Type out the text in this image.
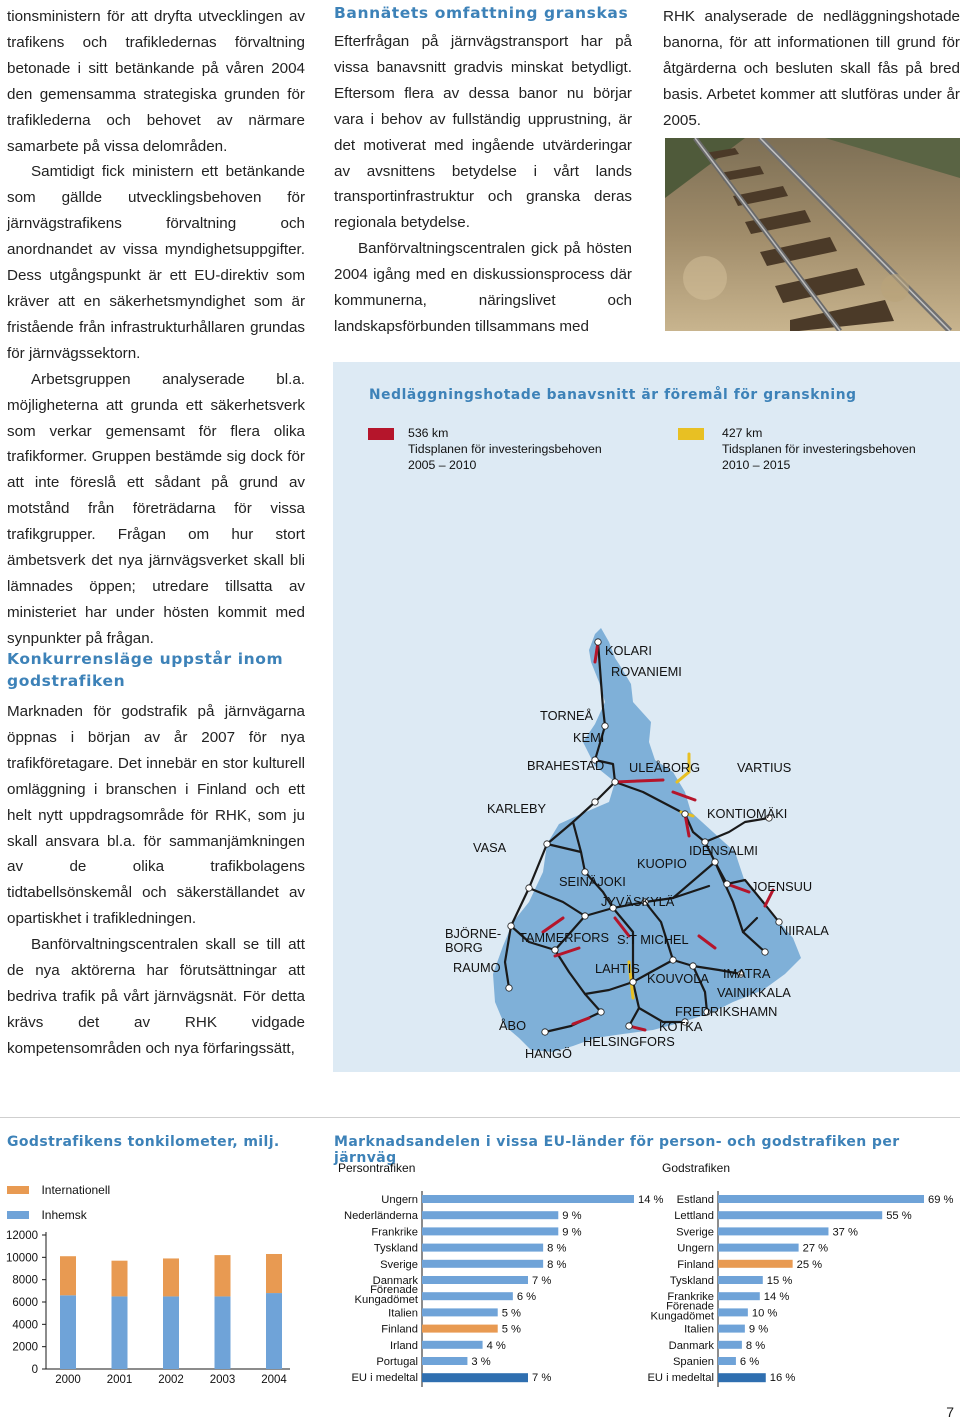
tionsministern för att dryfta utvecklingen av trafikens och trafikledernas förvaltning betonade i sitt betänkande på våren 2004 den gemensamma strategiska grunden för trafiklederna och behovet av närmare samarbete på vissa delområden.

Samtidigt fick ministern ett betänkande som gällde utvecklingsbehoven för järnvägstrafikens förvaltning och anordnandet av vissa myndighetsuppgifter. Dess utgångspunkt är ett EU-direktiv som kräver att en säkerhetsmyndighet som är fristående från infrastrukturhållaren grundas för järnvägssektorn.

Arbetsgruppen analyserade bl.a. möjligheterna att grunda ett säkerhetsverk som verkar gemensamt för flera olika trafikformer. Gruppen bestämde sig dock för att inte föreslå ett sådant på grund av motstånd från företrädarna för vissa trafikgrupper. Frågan om hur stort ämbetsverk det nya järnvägsverket skall bli lämnades öppen; utredare tillsatta av ministeriet har under hösten kommit med synpunkter på frågan.

Konkurrensläge uppstår inom godstrafiken

Marknaden för godstrafik på järnvägarna öppnas i början av år 2007 för nya trafikföretagare. Det innebär en stor kulturell omläggning i branschen i Finland och ett helt nytt uppdragsområde för RHK, som ju skall ansvara bl.a. för sammanjämkningen av de olika trafikbolagens tidtabellsönskemål och säkerställandet av opartiskhet i trafikledningen.

Banförvaltningscentralen skall se till att de nya aktörerna har förutsättningar att bedriva trafik på vårt järnvägsnät. För detta krävs det av RHK vidgade kompetensområden och nya förfaringssätt,

Bannätets omfattning granskas

Efterfrågan på järnvägstransport har på vissa banavsnitt gradvis minskat betydligt. Eftersom flera av dessa banor nu börjar vara i behov av fullständig upprustning, är det motiverat med ingående utvärderingar av avsnittens betydelse i vårt lands transportinfrastruktur och granska deras regionala betydelse.

Banförvaltningscentralen gick på hösten 2004 igång med en diskussionsprocess där kommunerna, näringslivet och landskapsförbunden tillsammans med

RHK analyserade de nedläggningshotade banorna, för att informationen till grund för åtgärderna och besluten skall fås på bred basis. Arbetet kommer att slutföras under år 2005.

Nedläggningshotade banavsnitt är föremål för granskning
536 km
Tidsplanen för investeringsbehoven
2005 – 2010
427 km
Tidsplanen för investeringsbehoven
2010 – 2015
KOLARI
ROVANIEMI
TORNEÅ
KEMI
BRAHESTAD ULEÅBORG	VARTIUS
KARLEBY	KONTIOMÄKI
VASA	IDENSALMI
KUOPIO
SEINÄJOKI	JOENSUU
JYVÄSKYLÄ
BJÖRNE-
BORG
TAMMERFORS S:T MICHEL
NIIRALA
RAUMO	LAHTIS	IMATRA
KOUVOLA
VAINIKKALA
FREDRIKSHAMN
ÅBO	KOTKA
HELSINGFORS
HANGÖ
Godstrafikens tonkilometer, milj.
Internationell
Inhemsk
12000
10000
8000
6000
4000
2000
0
2000 2001 2002 2003 2004
Marknadsandelen i vissa EU-länder för person- och godstrafiken per järnväg
Persontrafiken	Godstrafiken
Ungern	14 %
Nederländerna	9 %
Frankrike	9 %
Tyskland	8 %
Sverige	8 %
Danmark	7 %
Förenade
Kungadömet	6 %
Italien	5 %
Finland	5 %
Irland	4 %
Portugal	3 %
EU i medeltal	7 %
Estland	69 %
Lettland	55 %
Sverige	37 %
Ungern	27 %
Finland	25 %
Tyskland	15 %
Frankrike	14 %
Förenade
Kungadömet	10 %
Italien	9 %
Danmark	8 %
Spanien 6 %
EU i medeltal	16 %
7
